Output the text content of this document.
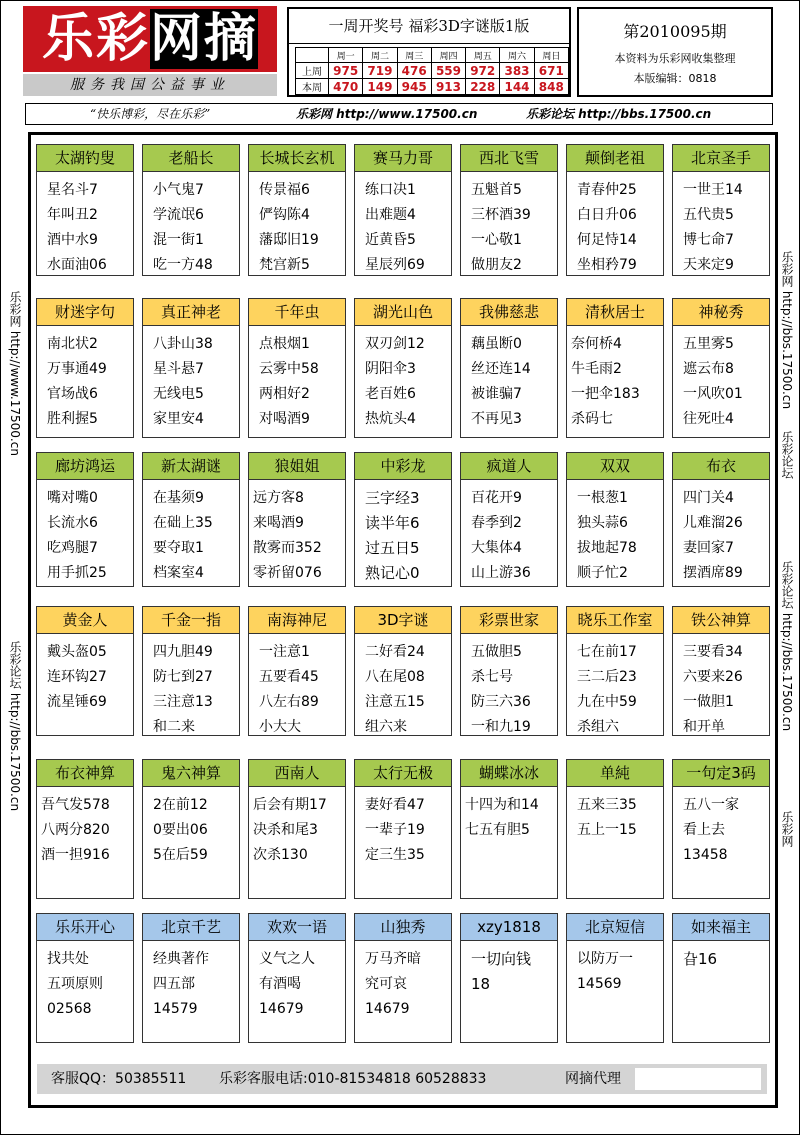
乐彩网摘
服务我国公益事业
一周开奖号 福彩3D字谜版1版
	周一	周二	周三	周四	周五	周六	周日
上周	975	719	476	559	972	383	671
本周	470	149	945	913	228	144	848
第2010095期
本资料为乐彩网收集整理
本版编辑：0818
“快乐博彩，尽在乐彩”	乐彩网 http://www.17500.cn	乐彩论坛 http://bbs.17500.cn
乐彩网 http://www.17500.cn
乐彩论坛 http://bbs.17500.cn
乐彩网 http://bbs.17500.cn
乐彩论坛
乐彩论坛 http://bbs.17500.cn
乐彩网
太湖钓叟
星名斗7
年叫丑2
酒中水9
水面油06
老船长
小气鬼7
学流氓6
混一街1
吃一方48
长城长玄机
传景福6
俨钩陈4
藩邸旧19
梵宫新5
赛马力哥
练口决1
出难题4
近黄昏5
星辰列69
西北飞雪
五魁首5
三杯酒39
一心敬1
做朋友2
颠倒老祖
青春仲25
白日升06
何足恃14
坐相矜79
北京圣手
一世王14
五代贵5
博七命7
天来定9
财迷字句
南北状2
万事通49
官场战6
胜利握5
真正神老
八卦山38
星斗悬7
无线电5
家里安4
千年虫
点根烟1
云雾中58
两相好2
对喝酒9
湖光山色
双刃剑12
阴阳伞3
老百姓6
热炕头4
我佛慈悲
藕虽断0
丝还连14
被谁骗7
不再见3
清秋居士
奈何桥4
牛毛雨2
一把伞183
杀码七
神秘秀
五里雾5
遮云布8
一风吹01
往死吐4
廊坊鸿运
嘴对嘴0
长流水6
吃鸡腿7
用手抓25
新太湖谜
在基须9
在础上35
要夺取1
档案室4
狼姐姐
远方客8
来喝酒9
散雾而352
零祈留076
中彩龙
三字经3
读半年6
过五日5
熟记心0
疯道人
百花开9
春季到2
大集体4
山上游36
双双
一根葱1
独头蒜6
拔地起78
顺子忙2
布衣
四门关4
儿难溜26
妻回家7
摆酒席89
黄金人
戴头盔05
连环钩27
流星锤69
千金一指
四九胆49
防七到27
三注意13
和二来
南海神尼
一注意1
五要看45
八左右89
小大大
3D字谜
二好看24
八在尾08
注意五15
组六来
彩票世家
五做胆5
杀七号
防三六36
一和九19
晓乐工作室
七在前17
三二后23
九在中59
杀组六
铁公神算
三要看34
六要来26
一做胆1
和开单
布衣神算
吾气发578
八两分820
酒一担916
鬼六神算
2在前12
0要出06
5在后59
西南人
后会有期17
决杀和尾3
次杀130
太行无极
妻好看47
一辈子19
定三生35
蝴蝶冰冰
十四为和14
七五有胆5
单純
五来三35
五上一15
一句定3码
五八一家
看上去
13458
乐乐开心
找共处
五项原则
02568
北京千艺
经典著作
四五部
14579
欢欢一语
义气之人
有酒喝
14679
山独秀
万马齐暗
究可哀
14679
xzy1818
一切向钱
18
北京短信
以防万一
14569
如来福主
旮16
客服QQ：50385511 乐彩客服电话:010-81534818 60528833	网摘代理
